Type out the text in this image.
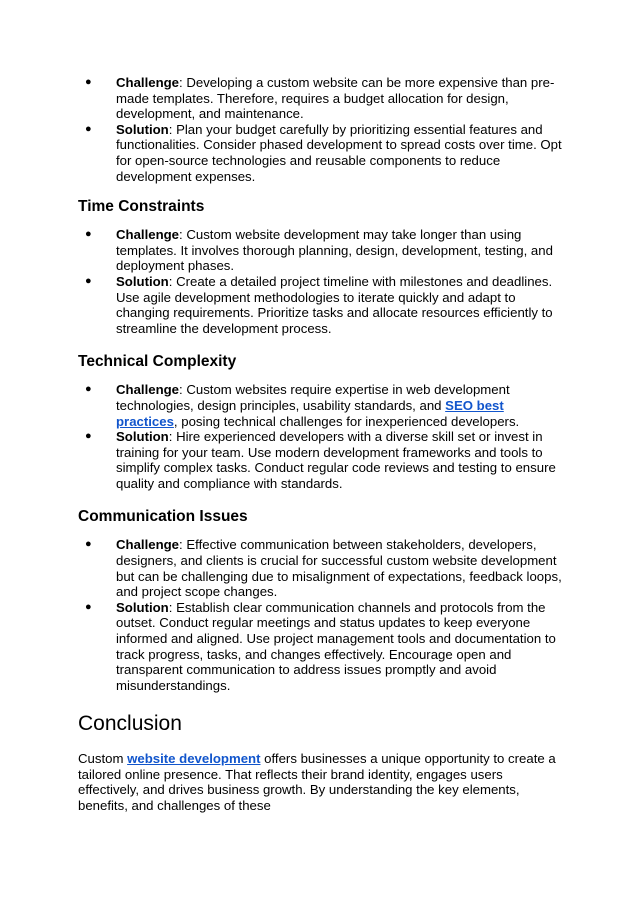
● Challenge: Developing a custom website can be more expensive than pre-made templates. Therefore, requires a budget allocation for design, development, and maintenance.
● Solution: Plan your budget carefully by prioritizing essential features and functionalities. Consider phased development to spread costs over time. Opt for open-source technologies and reusable components to reduce development expenses.
Time Constraints
● Challenge: Custom website development may take longer than using templates. It involves thorough planning, design, development, testing, and deployment phases.
● Solution: Create a detailed project timeline with milestones and deadlines. Use agile development methodologies to iterate quickly and adapt to changing requirements. Prioritize tasks and allocate resources efficiently to streamline the development process.
Technical Complexity
● Challenge: Custom websites require expertise in web development technologies, design principles, usability standards, and SEO best practices, posing technical challenges for inexperienced developers.
● Solution: Hire experienced developers with a diverse skill set or invest in training for your team. Use modern development frameworks and tools to simplify complex tasks. Conduct regular code reviews and testing to ensure quality and compliance with standards.
Communication Issues
● Challenge: Effective communication between stakeholders, developers, designers, and clients is crucial for successful custom website development but can be challenging due to misalignment of expectations, feedback loops, and project scope changes.
● Solution: Establish clear communication channels and protocols from the outset. Conduct regular meetings and status updates to keep everyone informed and aligned. Use project management tools and documentation to track progress, tasks, and changes effectively. Encourage open and transparent communication to address issues promptly and avoid misunderstandings.
Conclusion

Custom website development offers businesses a unique opportunity to create a tailored online presence. That reflects their brand identity, engages users effectively, and drives business growth. By understanding the key elements, benefits, and challenges of these
